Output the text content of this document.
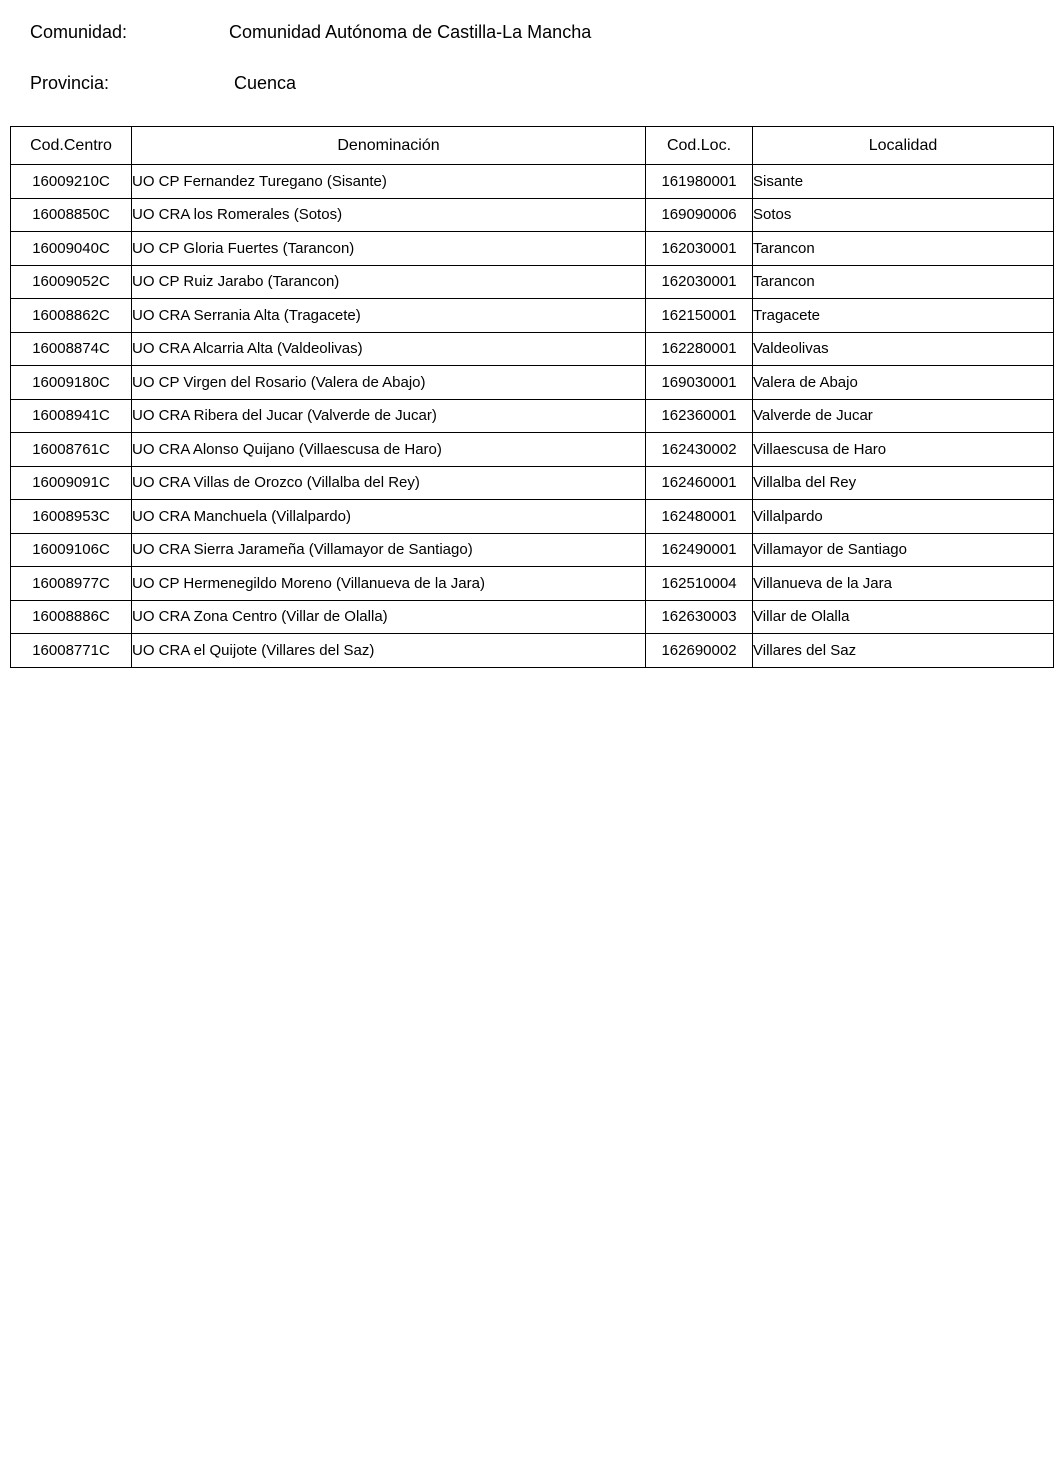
Comunidad:	Comunidad Autónoma de Castilla-La Mancha
Provincia:	Cuenca
Cod.Centro	Denominación	Cod.Loc.	Localidad
16009210C	UO CP Fernandez Turegano (Sisante)	161980001	Sisante
16008850C	UO CRA los Romerales (Sotos)	169090006	Sotos
16009040C	UO CP Gloria Fuertes (Tarancon)	162030001	Tarancon
16009052C	UO CP Ruiz Jarabo (Tarancon)	162030001	Tarancon
16008862C	UO CRA Serrania Alta (Tragacete)	162150001	Tragacete
16008874C	UO CRA Alcarria Alta (Valdeolivas)	162280001	Valdeolivas
16009180C	UO CP Virgen del Rosario (Valera de Abajo)	169030001	Valera de Abajo
16008941C	UO CRA Ribera del Jucar (Valverde de Jucar)	162360001	Valverde de Jucar
16008761C	UO CRA Alonso Quijano (Villaescusa de Haro)	162430002	Villaescusa de Haro
16009091C	UO CRA Villas de Orozco (Villalba del Rey)	162460001	Villalba del Rey
16008953C	UO CRA Manchuela (Villalpardo)	162480001	Villalpardo
16009106C	UO CRA Sierra Jarameña (Villamayor de Santiago)	162490001	Villamayor de Santiago
16008977C	UO CP Hermenegildo Moreno (Villanueva de la Jara)	162510004	Villanueva de la Jara
16008886C	UO CRA Zona Centro (Villar de Olalla)	162630003	Villar de Olalla
16008771C	UO CRA el Quijote (Villares del Saz)	162690002	Villares del Saz
